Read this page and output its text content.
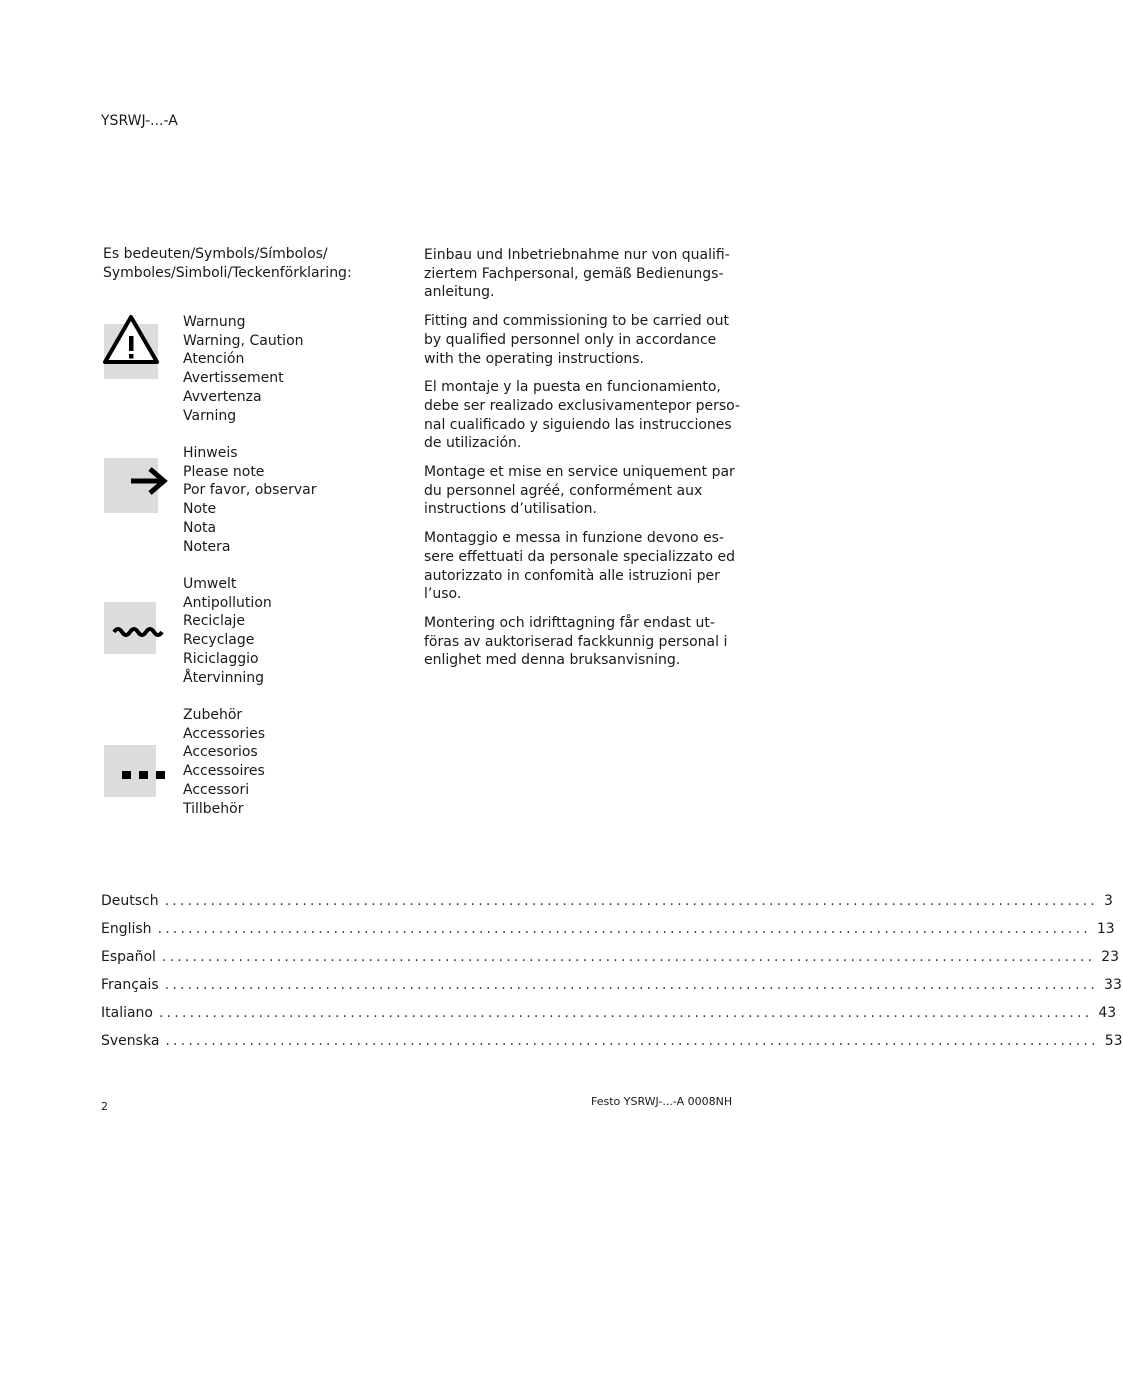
YSRWJ-...-A
Es bedeuten/Symbols/Símbolos/
Symboles/Simboli/Teckenförklaring:
Warnung
Warning, Caution
Atención
Avertissement
Avvertenza
Varning
Hinweis
Please note
Por favor, observar
Note
Nota
Notera
Umwelt
Antipollution
Reciclaje
Recyclage
Riciclaggio
Återvinning
Zubehör
Accessories
Accesorios
Accessoires
Accessori
Tillbehör

Einbau und Inbetriebnahme nur von qualifi-
ziertem Fachpersonal, gemäß Bedienungs-
anleitung.

Fitting and commissioning to be carried out
by qualified personnel only in accordance
with the operating instructions.

El montaje y la puesta en funcionamiento,
debe ser realizado exclusivamentepor perso-
nal cualificado y siguiendo las instrucciones
de utilización.

Montage et mise en service uniquement par
du personnel agréé, conformément aux
instructions d’utilisation.

Montaggio e messa in funzione devono es-
sere effettuati da personale specializzato ed
autorizzato in confomità alle istruzioni per
l’uso.

Montering och idrifttagning får endast ut-
föras av auktoriserad fackkunnig personal i
enlighet med denna bruksanvisning.

Deutsch .......................................................................................................................... 3
English .......................................................................................................................... 13
Español .......................................................................................................................... 23
Français .......................................................................................................................... 33
Italiano .......................................................................................................................... 43
Svenska .......................................................................................................................... 53
2	Festo YSRWJ-...-A 0008NH
